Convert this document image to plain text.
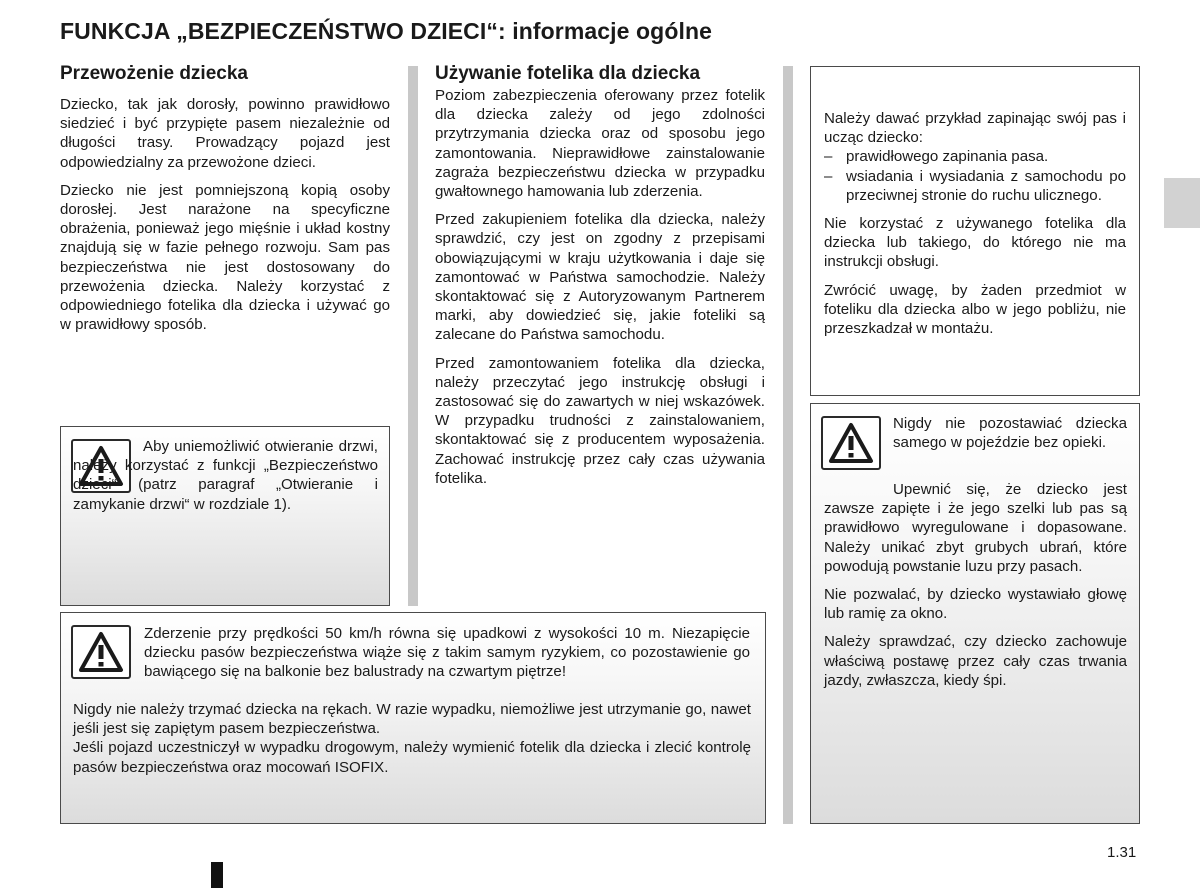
FUNKCJA „BEZPIECZEŃSTWO DZIECI“: informacje ogólne
Przewożenie dziecka

Dziecko, tak jak dorosły, powinno prawidłowo siedzieć i być przypięte pasem niezależnie od długości trasy. Prowadzący pojazd jest odpowiedzialny za przewożone dzieci.

Dziecko nie jest pomniejszoną kopią osoby dorosłej. Jest narażone na specyficzne obrażenia, ponieważ jego mięśnie i układ kostny znajdują się w fazie pełnego rozwoju. Sam pas bezpieczeństwa nie jest dostosowany do przewożenia dziecka. Należy korzystać z odpowiedniego fotelika dla dziecka i używać go w prawidłowy sposób.

Aby uniemożliwić otwieranie drzwi, należy korzystać z funkcji „Bezpieczeństwo dzieci“ (patrz paragraf „Otwieranie i zamykanie drzwi“ w rozdziale 1).

Używanie fotelika dla dziecka

Poziom zabezpieczenia oferowany przez fotelik dla dziecka zależy od jego zdolności przytrzymania dziecka oraz od sposobu jego zamontowania. Nieprawidłowe zainstalowanie zagraża bezpieczeństwu dziecka w przypadku gwałtownego hamowania lub zderzenia.

Przed zakupieniem fotelika dla dziecka, należy sprawdzić, czy jest on zgodny z przepisami obowiązującymi w kraju użytkowania i daje się zamontować w Państwa samochodzie. Należy skontaktować się z Autoryzowanym Partnerem marki, aby dowiedzieć się, jakie foteliki są zalecane do Państwa samochodu.

Przed zamontowaniem fotelika dla dziecka, należy przeczytać jego instrukcję obsługi i zastosować się do zawartych w niej wskazówek. W przypadku trudności z zainstalowaniem, skontaktować się z producentem wyposażenia. Zachować instrukcję przez cały czas używania fotelika.

Zderzenie przy prędkości 50 km/h równa się upadkowi z wysokości 10 m. Niezapięcie dziecku pasów bezpieczeństwa wiąże się z takim samym ryzykiem, co pozostawienie go bawiącego się na balkonie bez balustrady na czwartym piętrze!

Nigdy nie należy trzymać dziecka na rękach. W razie wypadku, niemożliwe jest utrzymanie go, nawet jeśli jest się zapiętym pasem bezpieczeństwa.

Jeśli pojazd uczestniczył w wypadku drogowym, należy wymienić fotelik dla dziecka i zlecić kontrolę pasów bezpieczeństwa oraz mocowań ISOFIX.

Należy dawać przykład zapinając swój pas i ucząc dziecko:

– prawidłowego zapinania pasa.

– wsiadania i wysiadania z samochodu po przeciwnej stronie do ruchu ulicznego.

Nie korzystać z używanego fotelika dla dziecka lub takiego, do którego nie ma instrukcji obsługi.

Zwrócić uwagę, by żaden przedmiot w foteliku dla dziecka albo w jego pobliżu, nie przeszkadzał w montażu.

Nigdy nie pozostawiać dziecka samego w pojeździe bez opieki.

Upewnić się, że dziecko jest zawsze zapięte i że jego szelki lub pas są prawidłowo wyregulowane i dopasowane. Należy unikać zbyt grubych ubrań, które powodują powstanie luzu przy pasach.

Nie pozwalać, by dziecko wystawiało głowę lub ramię za okno.

Należy sprawdzać, czy dziecko zachowuje właściwą postawę przez cały czas trwania jazdy, zwłaszcza, kiedy śpi.

1.31
